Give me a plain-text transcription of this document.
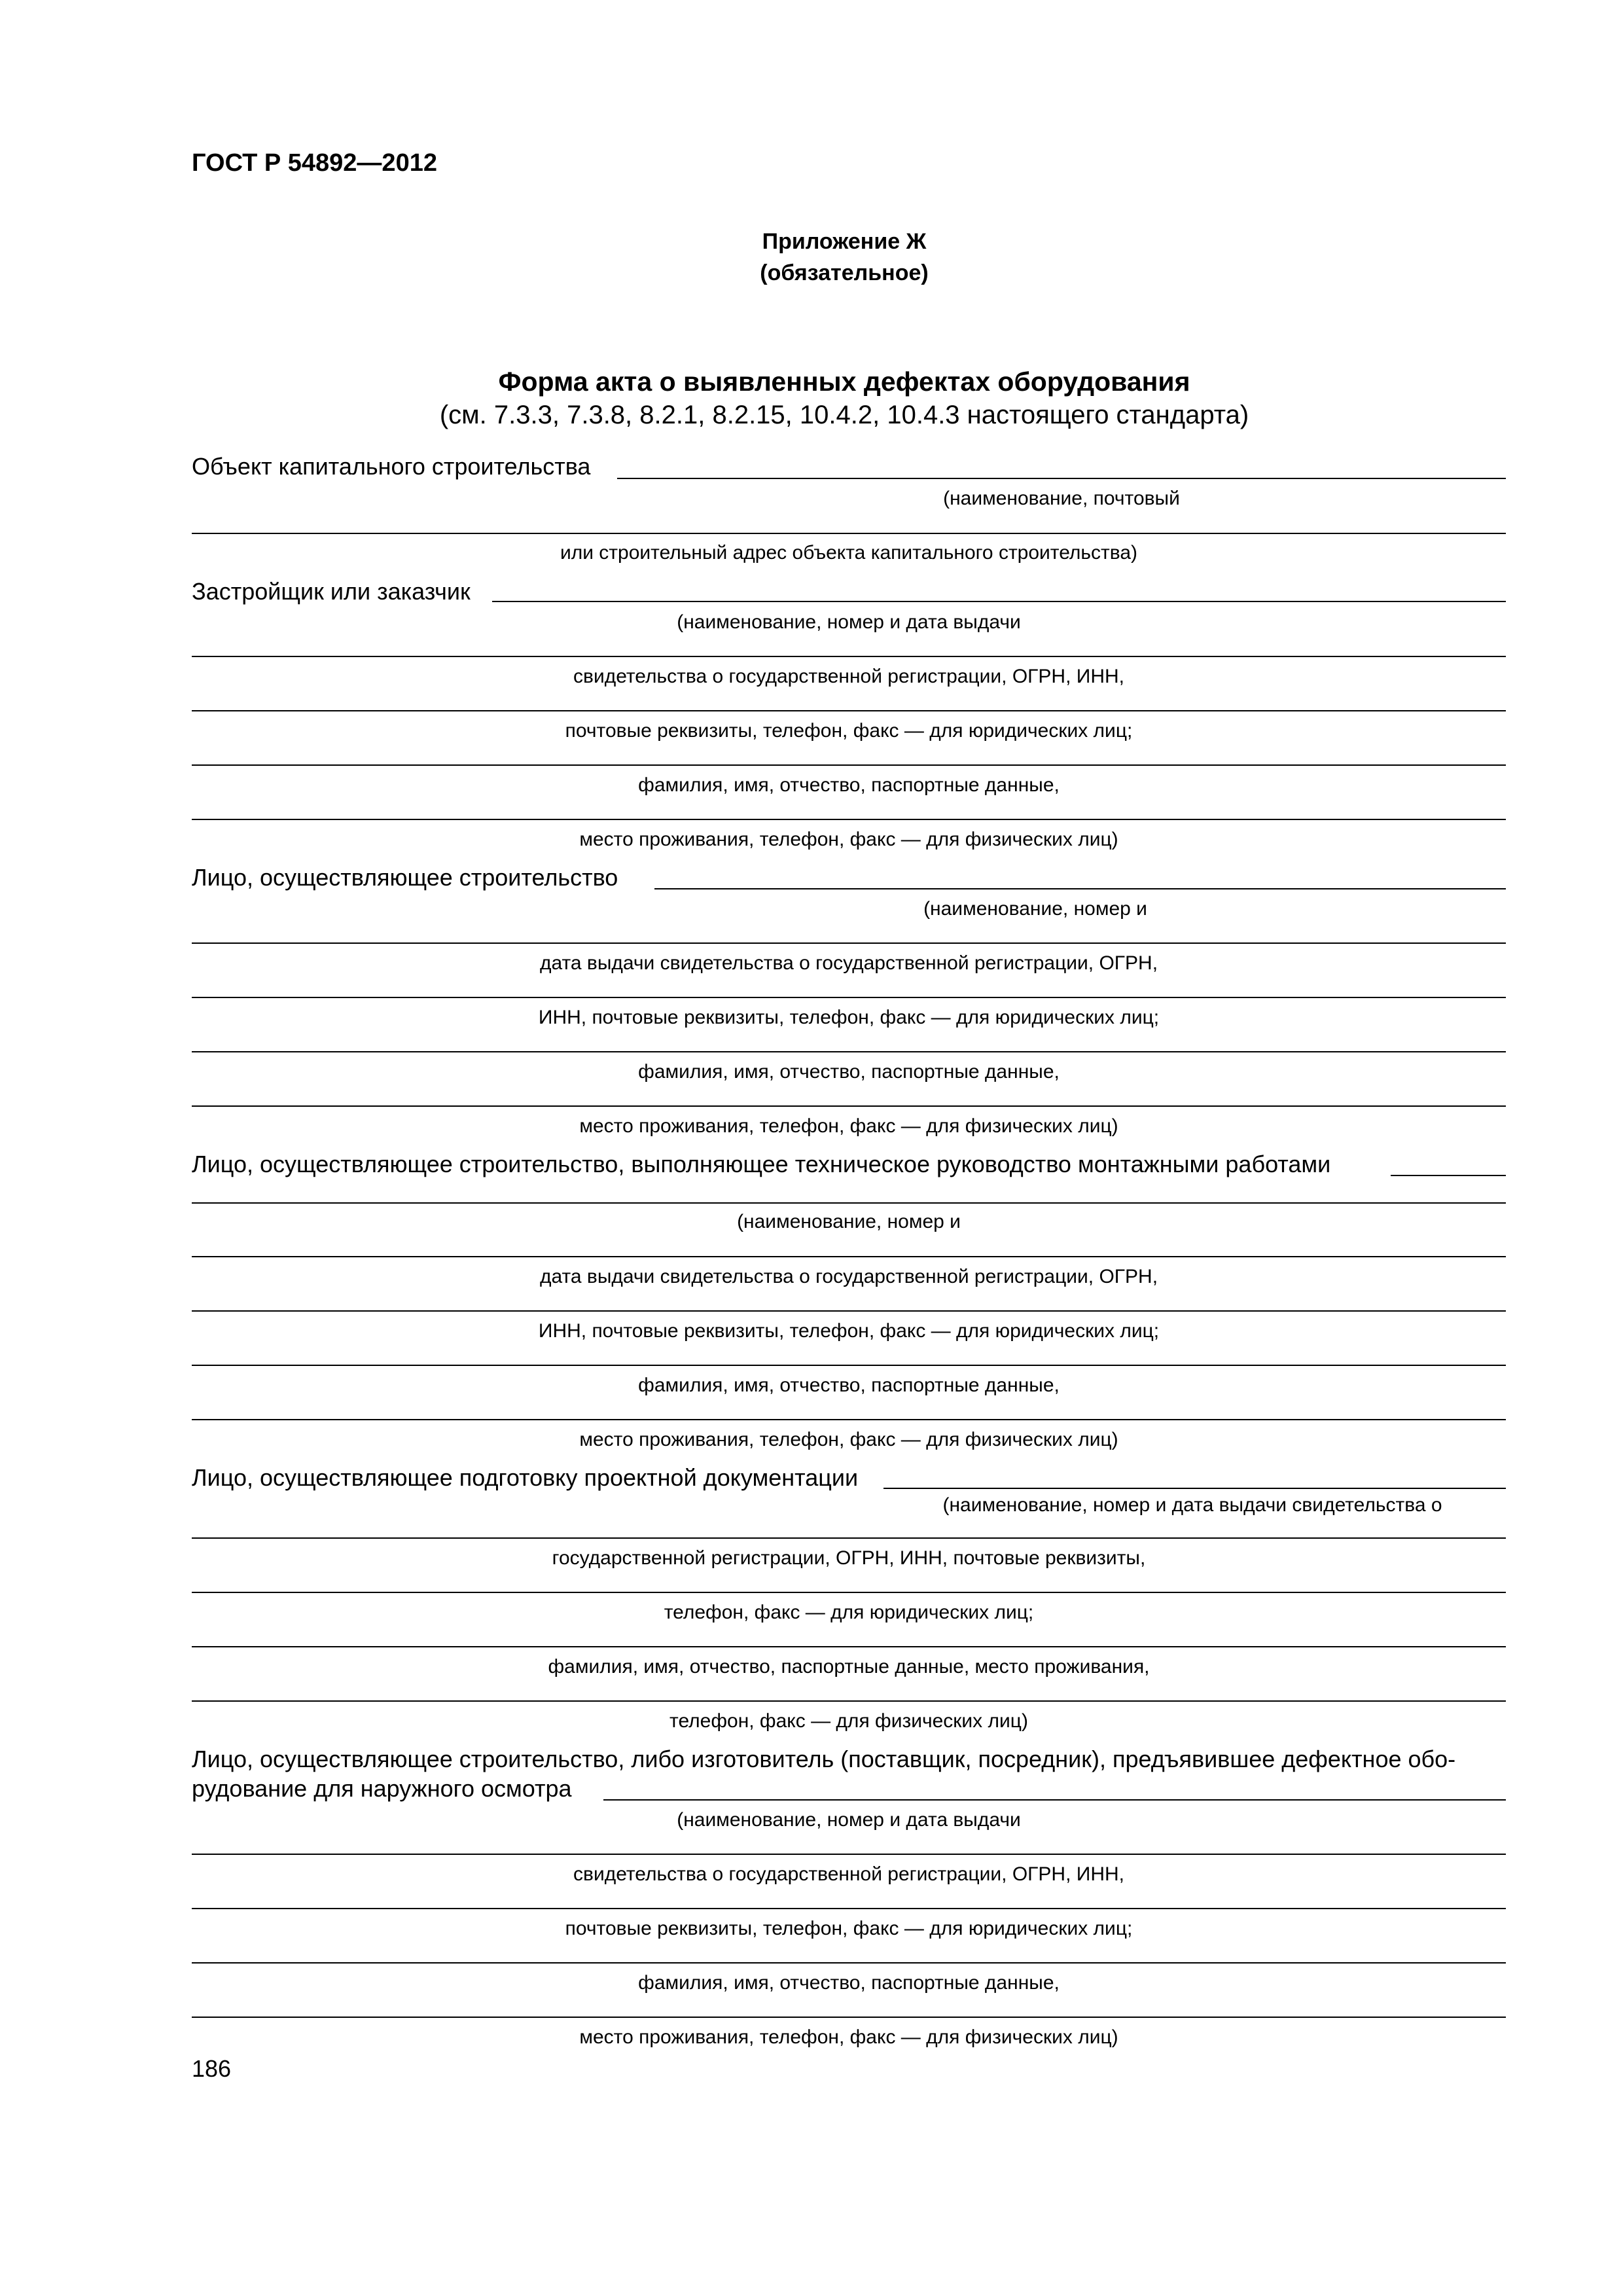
ГОСТ Р 54892—2012
Приложение Ж
(обязательное)
Форма акта о выявленных дефектах оборудования
(см. 7.3.3, 7.3.8, 8.2.1, 8.2.15, 10.4.2, 10.4.3 настоящего стандарта)
Объект капитального строительства
(наименование, почтовый
или строительный адрес объекта капитального строительства)
Застройщик или заказчик
(наименование, номер и дата выдачи
свидетельства о государственной регистрации, ОГРН, ИНН,
почтовые реквизиты, телефон, факс — для юридических лиц;
фамилия, имя, отчество, паспортные данные,
место проживания, телефон, факс — для физических лиц)
Лицо, осуществляющее строительство
(наименование, номер и
дата выдачи свидетельства о государственной регистрации, ОГРН,
ИНН, почтовые реквизиты, телефон, факс — для юридических лиц;
фамилия, имя, отчество, паспортные данные,
место проживания, телефон, факс — для физических лиц)
Лицо, осуществляющее строительство, выполняющее техническое руководство монтажными работами
(наименование, номер и
дата выдачи свидетельства о государственной регистрации, ОГРН,
ИНН, почтовые реквизиты, телефон, факс — для юридических лиц;
фамилия, имя, отчество, паспортные данные,
место проживания, телефон, факс — для физических лиц)
Лицо, осуществляющее подготовку проектной документации
(наименование, номер и дата выдачи свидетельства о
государственной регистрации, ОГРН, ИНН, почтовые реквизиты,
телефон, факс — для юридических лиц;
фамилия, имя, отчество, паспортные данные, место проживания,
телефон, факс — для физических лиц)
Лицо, осуществляющее строительство, либо изготовитель (поставщик, посредник), предъявившее дефектное обо-
рудование для наружного осмотра
(наименование, номер и дата выдачи
свидетельства о государственной регистрации, ОГРН, ИНН,
почтовые реквизиты, телефон, факс — для юридических лиц;
фамилия, имя, отчество, паспортные данные,
место проживания, телефон, факс — для физических лиц)
186
